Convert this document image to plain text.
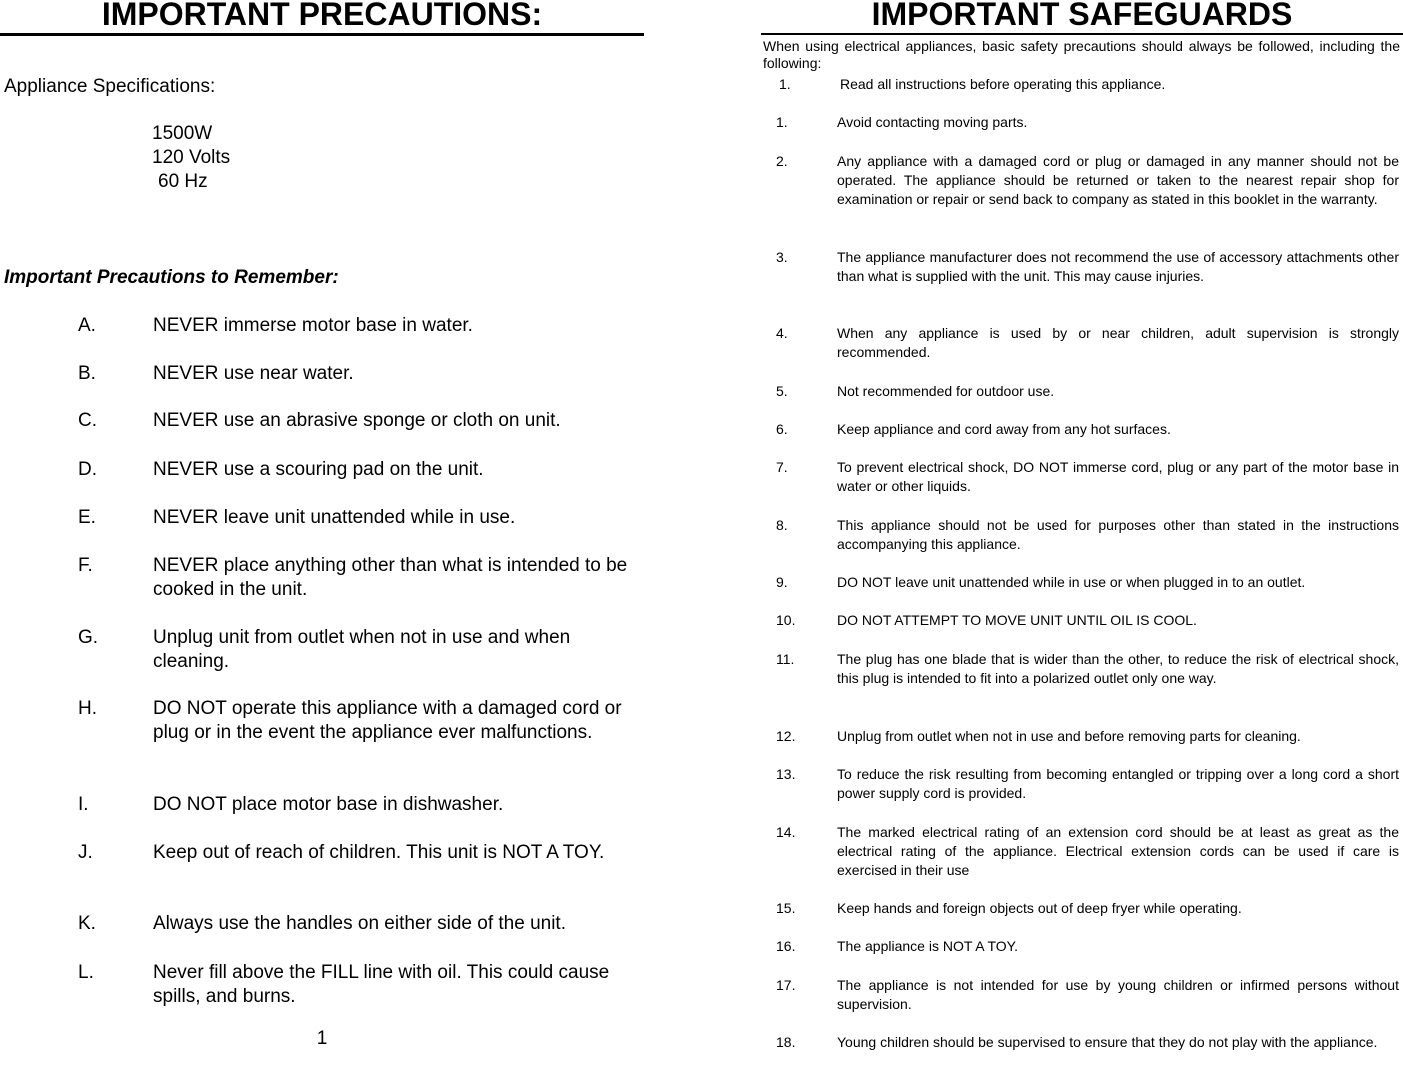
IMPORTANT PRECAUTIONS:

Appliance Specifications:

1500W

120 Volts

60 Hz

Important Precautions to Remember:

A.	NEVER immerse motor base in water.
B.	NEVER use near water.
C.	NEVER use an abrasive sponge or cloth on unit.
D.	NEVER use a scouring pad on the unit.
E.	NEVER leave unit unattended while in use.
F.	NEVER place anything other than what is intended to be cooked in the unit.
G.	Unplug unit from outlet when not in use and when cleaning.
H.	DO NOT operate this appliance with a damaged cord or plug or in the event the appliance ever malfunctions.
I.	DO NOT place motor base in dishwasher.
J.	Keep out of reach of children. This unit is NOT A TOY.
K.	Always use the handles on either side of the unit.
L.	Never fill above the FILL line with oil. This could cause spills, and burns.

1

IMPORTANT SAFEGUARDS

When using electrical appliances, basic safety precautions should always be followed, including the following:

1.	Read all instructions before operating this appliance.
1.	Avoid contacting moving parts.
2.	Any appliance with a damaged cord or plug or damaged in any manner should not be operated. The appliance should be returned or taken to the nearest repair shop for examination or repair or send back to company as stated in this booklet in the warranty.
3.	The appliance manufacturer does not recommend the use of accessory attachments other than what is supplied with the unit. This may cause injuries.
4.	When any appliance is used by or near children, adult supervision is strongly recommended.
5.	Not recommended for outdoor use.
6.	Keep appliance and cord away from any hot surfaces.
7.	To prevent electrical shock, DO NOT immerse cord, plug or any part of the motor base in water or other liquids.
8.	This appliance should not be used for purposes other than stated in the instructions accompanying this appliance.
9.	DO NOT leave unit unattended while in use or when plugged in to an outlet.
10.	DO NOT ATTEMPT TO MOVE UNIT UNTIL OIL IS COOL.
11.	The plug has one blade that is wider than the other, to reduce the risk of electrical shock, this plug is intended to fit into a polarized outlet only one way.
12.	Unplug from outlet when not in use and before removing parts for cleaning.
13.	To reduce the risk resulting from becoming entangled or tripping over a long cord a short power supply cord is provided.
14.	The marked electrical rating of an extension cord should be at least as great as the electrical rating of the appliance. Electrical extension cords can be used if care is exercised in their use
15.	Keep hands and foreign objects out of deep fryer while operating.
16.	The appliance is NOT A TOY.
17.	The appliance is not intended for use by young children or infirmed persons without supervision.
18.	Young children should be supervised to ensure that they do not play with the appliance.
